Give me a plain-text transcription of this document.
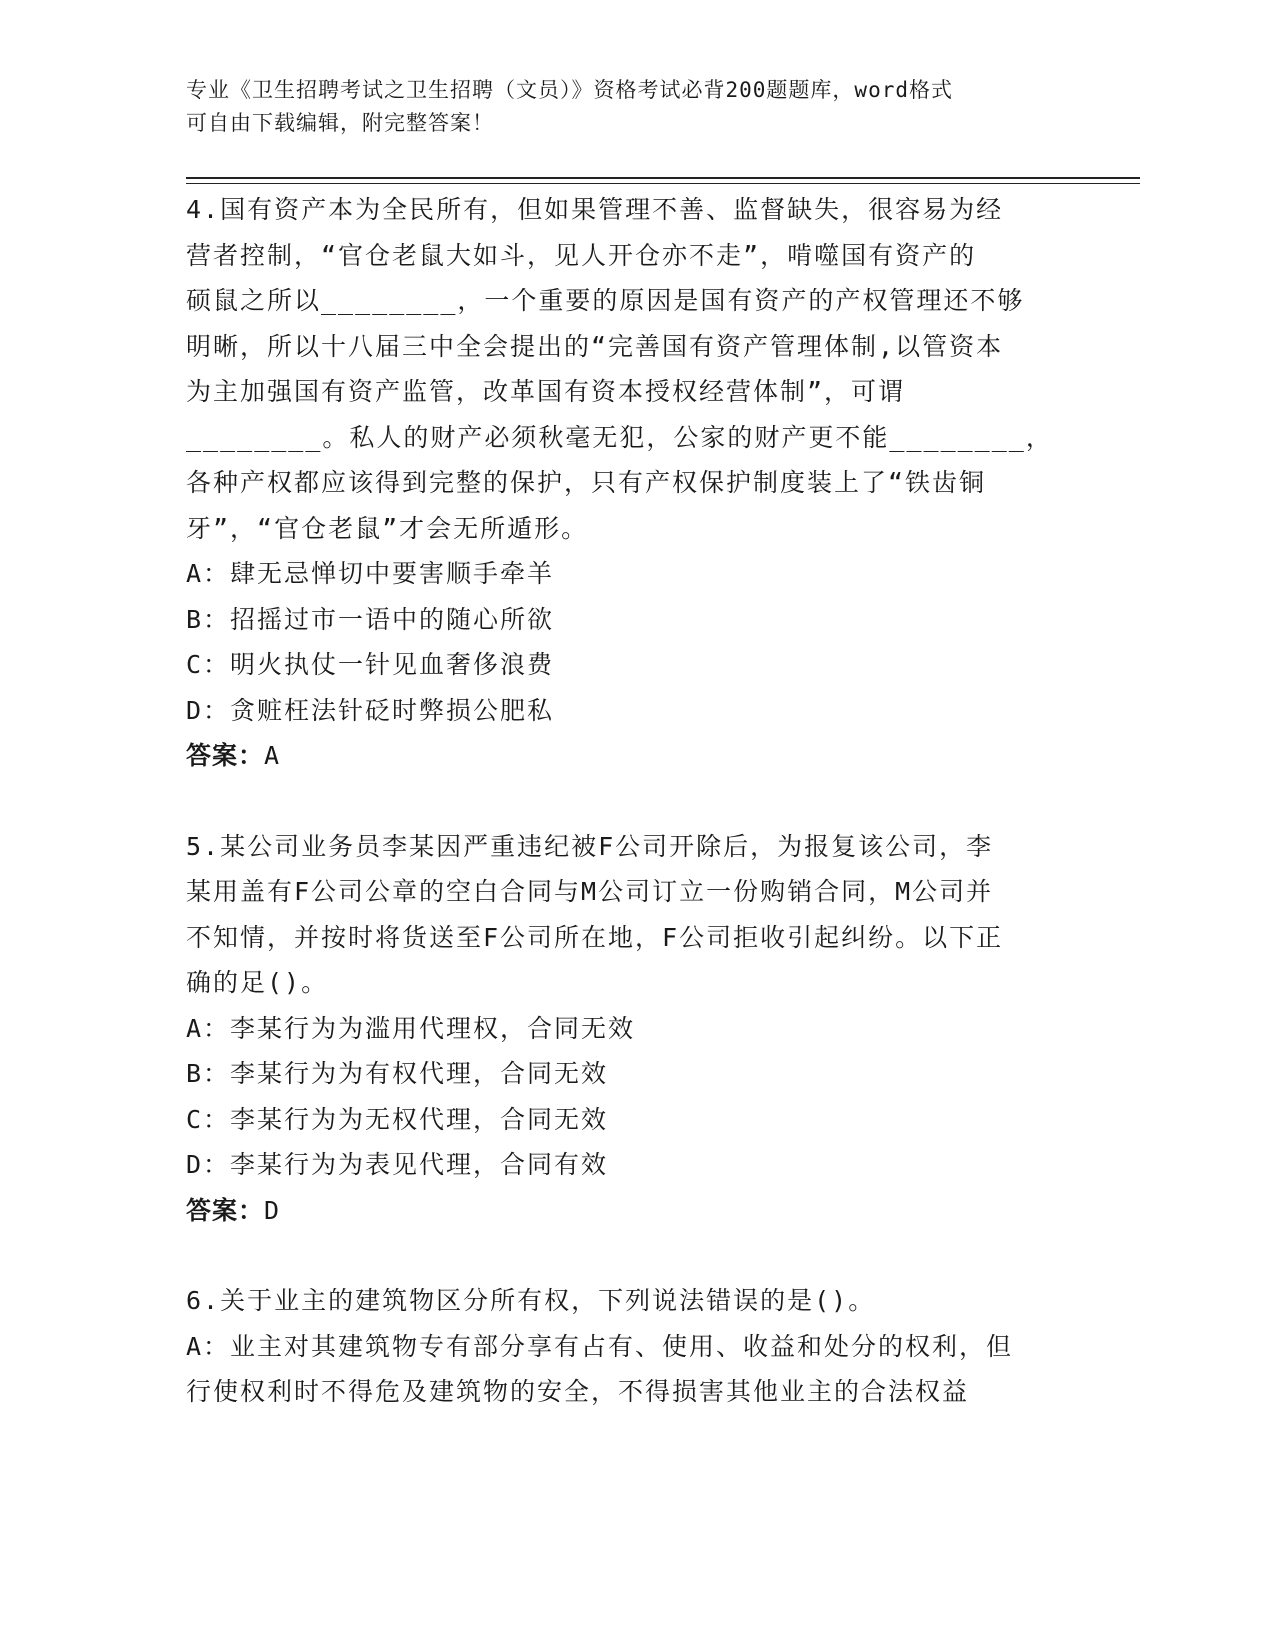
专业《卫生招聘考试之卫生招聘（文员）》资格考试必背200题题库，word格式
可自由下载编辑，附完整答案！
4.国有资产本为全民所有，但如果管理不善、监督缺失，很容易为经
营者控制，“官仓老鼠大如斗，见人开仓亦不走”，啃噬国有资产的
硕鼠之所以________，一个重要的原因是国有资产的产权管理还不够
明晰，所以十八届三中全会提出的“完善国有资产管理体制,以管资本
为主加强国有资产监管，改革国有资本授权经营体制”，可谓
________。私人的财产必须秋毫无犯，公家的财产更不能________，
各种产权都应该得到完整的保护，只有产权保护制度装上了“铁齿铜
牙”，“官仓老鼠”才会无所遁形。
A：肆无忌惮切中要害顺手牵羊
B：招摇过市一语中的随心所欲
C：明火执仗一针见血奢侈浪费
D：贪赃枉法针砭时弊损公肥私
答案：A
5.某公司业务员李某因严重违纪被F公司开除后，为报复该公司，李
某用盖有F公司公章的空白合同与M公司订立一份购销合同，M公司并
不知情，并按时将货送至F公司所在地，F公司拒收引起纠纷。以下正
确的足()。
A：李某行为为滥用代理权，合同无效
B：李某行为为有权代理，合同无效
C：李某行为为无权代理，合同无效
D：李某行为为表见代理，合同有效
答案：D
6.关于业主的建筑物区分所有权，下列说法错误的是()。
A：业主对其建筑物专有部分享有占有、使用、收益和处分的权利，但
行使权利时不得危及建筑物的安全，不得损害其他业主的合法权益
